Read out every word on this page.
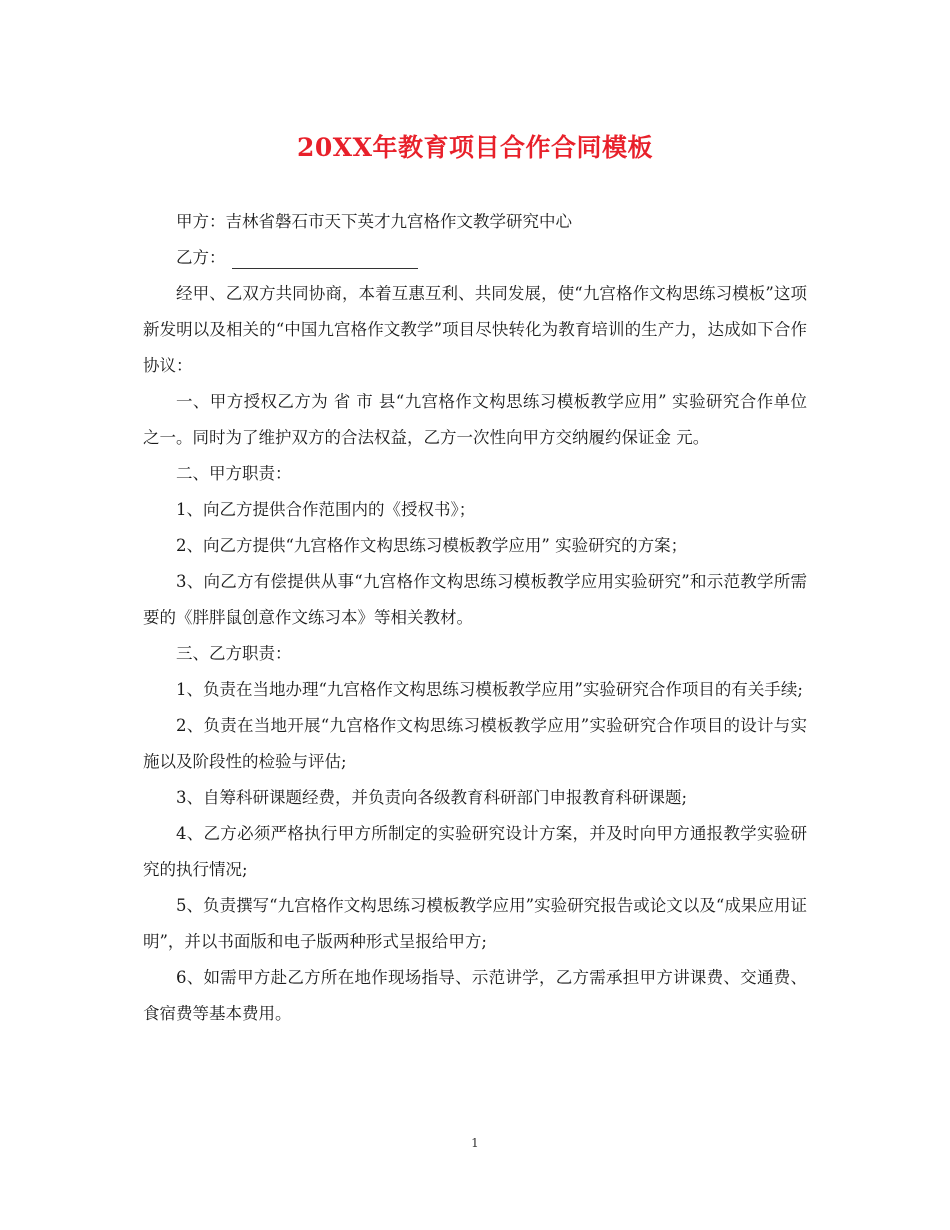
20XX年教育项目合作合同模板

甲方：吉林省磐石市天下英才九宫格作文教学研究中心

乙方：

经甲、乙双方共同协商，本着互惠互利、共同发展，使“九宫格作文构思练习模板”这项新发明以及相关的“中国九宫格作文教学”项目尽快转化为教育培训的生产力，达成如下合作协议：

一、甲方授权乙方为 省 市 县“九宫格作文构思练习模板教学应用” 实验研究合作单位之一。同时为了维护双方的合法权益，乙方一次性向甲方交纳履约保证金 元。

二、甲方职责：

1、向乙方提供合作范围内的《授权书》；

2、向乙方提供“九宫格作文构思练习模板教学应用” 实验研究的方案；

3、向乙方有偿提供从事“九宫格作文构思练习模板教学应用实验研究”和示范教学所需要的《胖胖鼠创意作文练习本》等相关教材。

三、乙方职责：

1、负责在当地办理“九宫格作文构思练习模板教学应用”实验研究合作项目的有关手续;

2、负责在当地开展“九宫格作文构思练习模板教学应用”实验研究合作项目的设计与实施以及阶段性的检验与评估;

3、自筹科研课题经费，并负责向各级教育科研部门申报教育科研课题;

4、乙方必须严格执行甲方所制定的实验研究设计方案，并及时向甲方通报教学实验研究的执行情况;

5、负责撰写“九宫格作文构思练习模板教学应用”实验研究报告或论文以及“成果应用证明”，并以书面版和电子版两种形式呈报给甲方;

6、如需甲方赴乙方所在地作现场指导、示范讲学，乙方需承担甲方讲课费、交通费、食宿费等基本费用。

1
